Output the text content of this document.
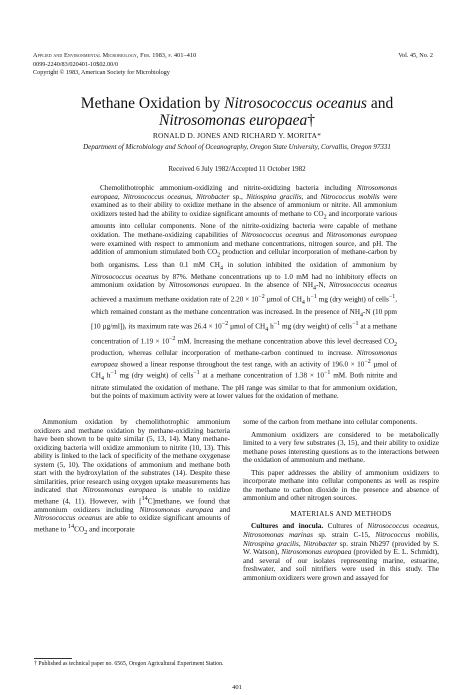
Applied and Environmental Microbiology, Feb. 1983, p. 401–410
0099-2240/83/020401-10$02.00/0
Copyright © 1983, American Society for Microbiology
Vol. 45, No. 2
Methane Oxidation by Nitrosococcus oceanus and
Nitrosomonas europaea†
RONALD D. JONES AND RICHARD Y. MORITA*
Department of Microbiology and School of Oceanography, Oregon State University, Corvallis, Oregon 97331
Received 6 July 1982/Accepted 11 October 1982

Chemolithotrophic ammonium-oxidizing and nitrite-oxidizing bacteria including Nitrosomonas europaea, Nitrosococcus oceanus, Nitrobacter sp., Nitiospina gracilis, and Nitrococcus mobilis were examined as to their ability to oxidize methane in the absence of ammonium or nitrite. All ammonium oxidizers tested had the ability to oxidize significant amounts of methane to $CO_2$ and incorporate various amounts into cellular components. None of the nitrite-oxidizing bacteria were capable of methane oxidation. The methane-oxidizing capabilities of Nitrosococcus oceanus and Nitrosomonas europaea were examined with respect to ammonium and methane concentrations, nitrogen source, and pH. The addition of ammonium stimulated both $CO_2$ production and cellular incorporation of methane-carbon by both organisms. Less than 0.1 mM $CH_4$ in solution inhibited the oxidation of ammonium by Nitrosococcus oceanus by 87%. Methane concentrations up to 1.0 mM had no inhibitory effects on ammonium oxidation by Nitrosomonas europaea. In the absence of $NH_4-N$, Nitrosococcus oceanus achieved a maximum methane oxidation rate of $2.20 \times 10^{-2}$ µmol of $CH_4$ $h^{-1}$ mg (dry weight) of cells$^{-1}$, which remained constant as the methane concentration was increased. In the presence of $NH_4-N$ (10 ppm [10 µg/ml]), its maximum rate was $26.4 \times 10^{-2}$ µmol of $CH_4$ $h^{-1}$ mg (dry weight) of cells$^{-1}$ at a methane concentration of $1.19 \times 10^{-2}$ mM. Increasing the methane concentration above this level decreased $CO_2$ production, whereas cellular incorporation of methane-carbon continued to increase. Nitrosomonas europaea showed a linear response throughout the test range, with an activity of $196.0 \times 10^{-2}$ µmol of $CH_4$ $h^{-1}$ mg (dry weight) of cells$^{-1}$ at a methane concentration of $1.38 \times 10^{-1}$ mM. Both nitrite and nitrate stimulated the oxidation of methane. The pH range was similar to that for ammonium oxidation, but the points of maximum activity were at lower values for the oxidation of methane.

Ammonium oxidation by chemolithotrophic ammonium oxidizers and methane oxidation by methane-oxidizing bacteria have been shown to be quite similar (5, 13, 14). Many methane-oxidizing bacteria will oxidize ammonium to nitrite (10, 13). This ability is linked to the lack of specificity of the methane oxygenase system (5, 10). The oxidations of ammonium and methane both start with the hydroxylation of the substrates (14). Despite these similarities, prior research using oxygen uptake measurements has indicated that Nitrosomonas europaea is unable to oxidize methane (4, 11). However, with [$^{14}$C]methane, we found that ammonium oxidizers including Nitrosomonas europaea and Nitrosococcus oceanus are able to oxidize significant amounts of methane to $^{14}CO_2$ and incorporate

some of the carbon from methane into cellular components.

Ammonium oxidizers are considered to be metabolically limited to a very few substrates (3, 15), and their ability to oxidize methane poses interesting questions as to the interactions between the oxidation of ammonium and methane.

This paper addresses the ability of ammonium oxidizers to incorporate methane into cellular components as well as respire the methane to carbon dioxide in the presence and absence of ammonium and other nitrogen sources.

MATERIALS AND METHODS

Cultures and inocula. Cultures of Nitrosococcus oceanus, Nitrosomonas marinas sp. strain C-15, Nitrococcus mobilis, Nitrospina gracilis, Nitrobacter sp. strain Nb297 (provided by S. W. Watson), Nitrosomonas europaea (provided by E. L. Schmidt), and several of our isolates representing marine, estuarine, freshwater, and soil nitrifiers were used in this study. The ammonium oxidizers were grown and assayed for

† Published as technical paper no. 6565, Oregon Agricultural Experiment Station.
401
